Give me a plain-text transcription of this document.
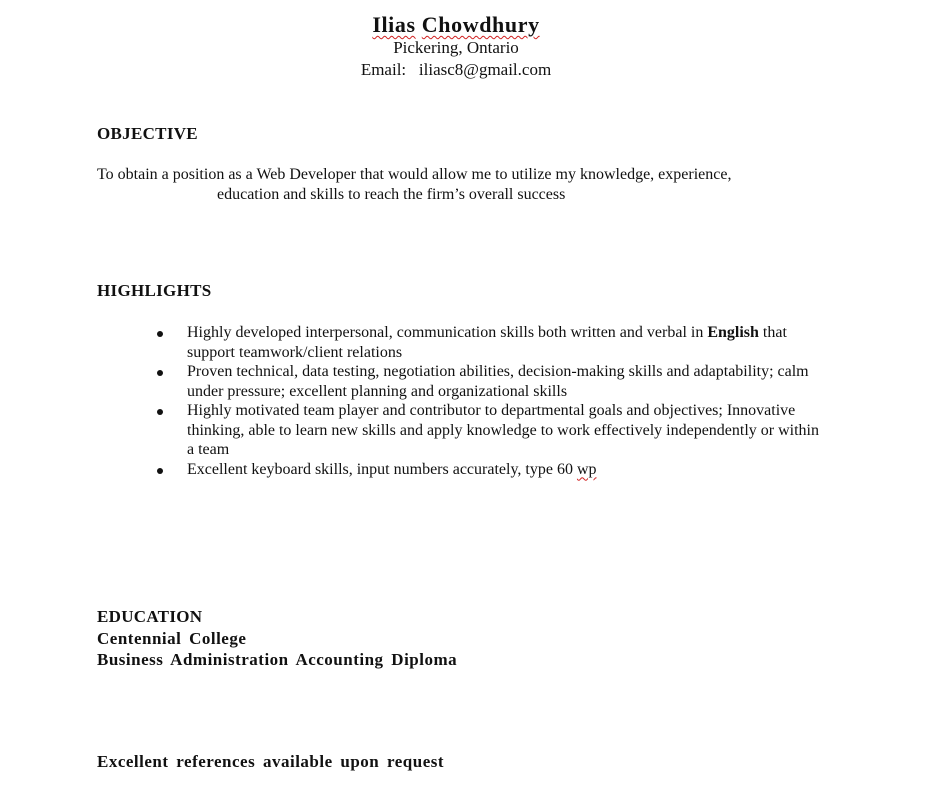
Ilias Chowdhury
Pickering, Ontario
Email: iliasc8@gmail.com
OBJECTIVE
To obtain a position as a Web Developer that would allow me to utilize my knowledge, experience,
education and skills to reach the firm’s overall success
HIGHLIGHTS
Highly developed interpersonal, communication skills both written and verbal in English that support teamwork/client relations
Proven technical, data testing, negotiation abilities, decision-making skills and adaptability; calm under pressure; excellent planning and organizational skills
Highly motivated team player and contributor to departmental goals and objectives; Innovative thinking, able to learn new skills and apply knowledge to work effectively independently or within a team
Excellent keyboard skills, input numbers accurately, type 60 wp
EDUCATION
Centennial College
Business Administration Accounting Diploma
Excellent references available upon request
